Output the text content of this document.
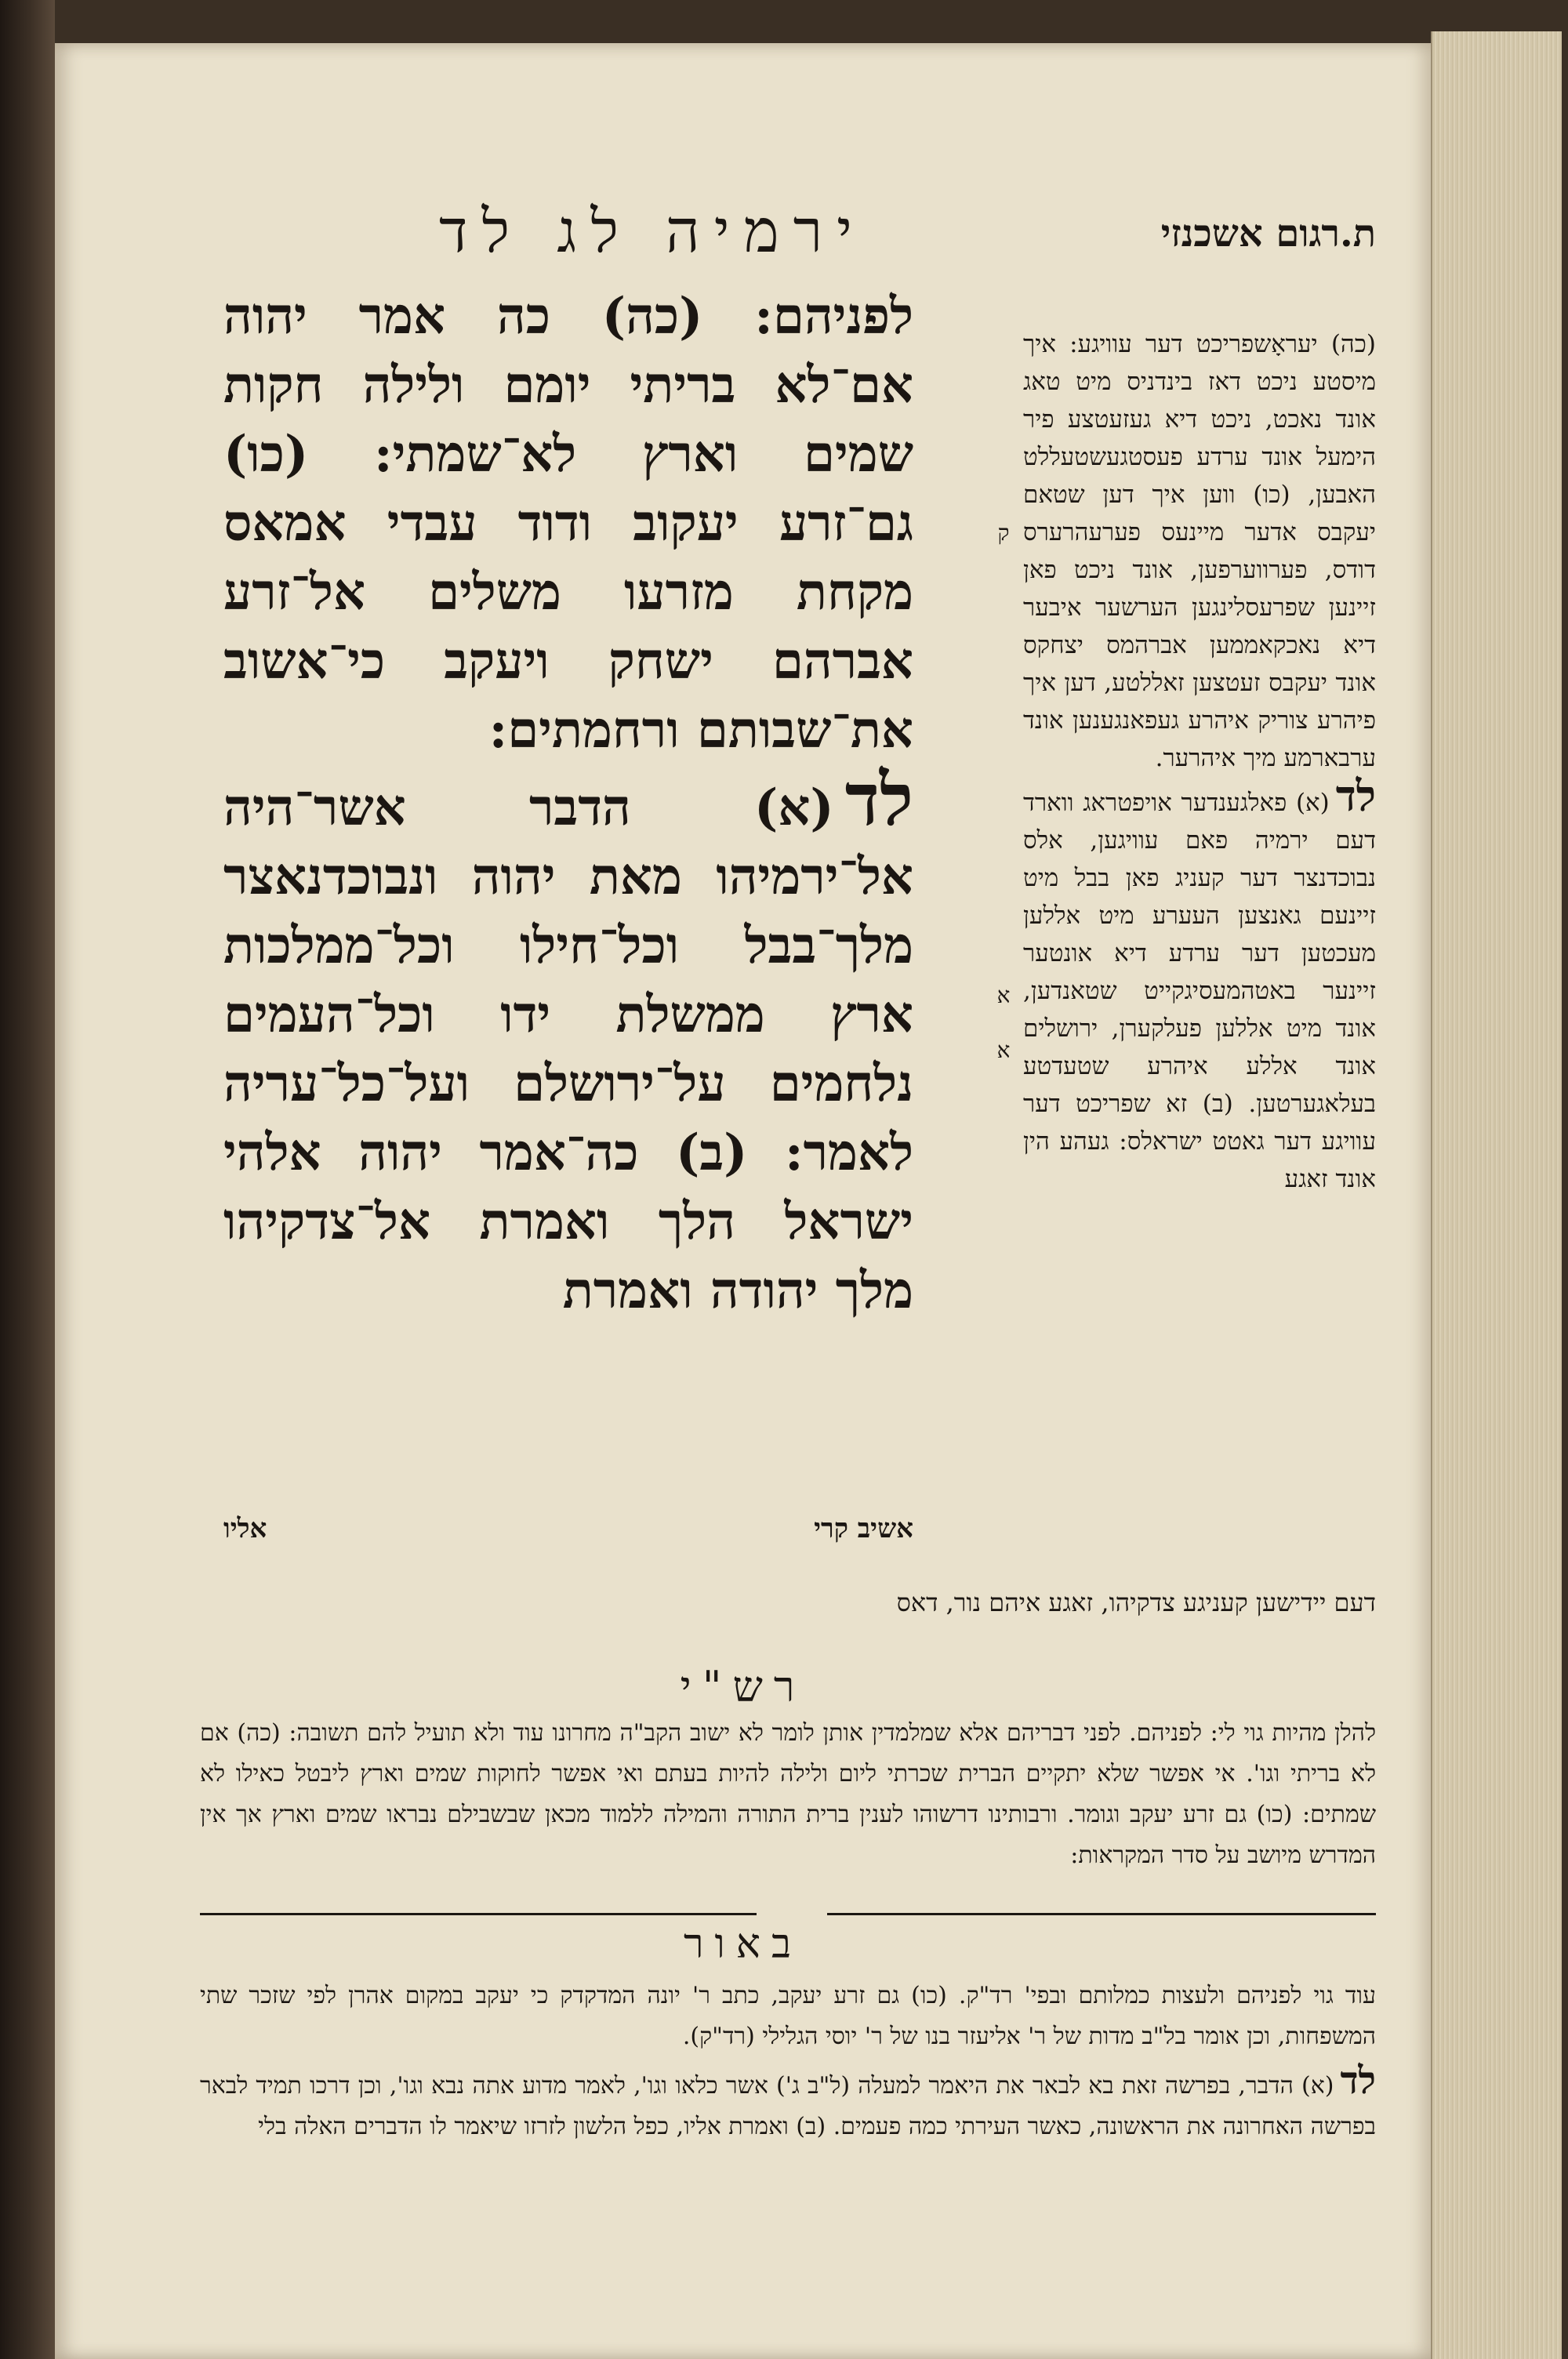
ירמיה לג לד	ת.רגום אשכנזי

לפניהם: (כה) כה אמר יהוה אם־לא בריתי יומם ולילה חקות שמים וארץ לא־שמתי: (כו) גם־זרע יעקוב ודוד עבדי אמאס מקחת מזרעו משלים אל־זרע אברהם ישחק ויעקב כי־אשוב את־שבותם ורחמתים:

לד(א) הדבר אשר־היה אל־ירמיהו מאת יהוה ונבוכדנאצר מלך־בבל וכל־חילו וכל־ממלכות ארץ ממשלת ידו וכל־העמים נלחמים על־ירושלם ועל־כל־עריה לאמר: (ב) כה־אמר יהוה אלהי ישראל הלך ואמרת אל־צדקיהו מלך יהודה ואמרת

ק
א
א

(כה) יעראָשפריכט דער עוויגע: איך מיסטע ניכט דאז בינדניס מיט טאג אונד נאכט, ניכט דיא געזעטצע פיר הימעל אונד ערדע פעסטגעשטעללט האבען, (כו) ווען איך דען שטאם יעקבס אדער מיינעס פערעהרערס דודס, פערווערפען, אונד ניכט פאן זיינען שפרעסלינגען הערשער איבער דיא נאכקאממען אברהמס יצחקס אונד יעקבס זעטצען זאללטע, דען איך פיהרע צוריק איהרע געפאנגענען אונד ערבארמע מיך איהרער.

לד(א) פאלגענדער אויפטראג ווארד דעם ירמיה פאם עוויגען, אלס נבוכדנצר דער קעניג פאן בבל מיט זיינעם גאנצען העערע מיט אללען מעכטען דער ערדע דיא אונטער זיינער באטהמעסיגקייט שטאנדען, אונד מיט אללען פעלקערן, ירושלים אונד אללע איהרע שטעדטע בעלאגערטען. (ב) זא שפריכט דער עוויגע דער גאטט ישראלס: געהע הין אונד זאגע

אשיב קרי
אליו
דעם יידישען קעניגע צדקיהו, זאגע איהם נור, דאס
רש"י
להלן מהיות גוי לי: לפניהם. לפני דבריהם אלא שמלמדין אותן לומר לא ישוב הקב"ה מחרונו עוד ולא תועיל להם תשובה: (כה) אם לא בריתי וגו'. אי אפשר שלא יתקיים הברית שכרתי ליום ולילה להיות בעתם ואי אפשר לחוקות שמים וארץ ליבטל כאילו לא שמתים: (כו) גם זרע יעקב וגומר. ורבותינו דרשוהו לענין ברית התורה והמילה ללמוד מכאן שבשבילם נבראו שמים וארץ אך אין המדרש מיושב על סדר המקראות:
באור

עוד גוי לפניהם ולעצות כמלותם ובפי' רד"ק. (כו) גם זרע יעקב, כתב ר' יונה המדקדק כי יעקב במקום אהרן לפי שזכר שתי המשפחות, וכן אומר בל"ב מדות של ר' אליעזר בנו של ר' יוסי הגלילי (רד"ק).

לד(א) הדבר, בפרשה זאת בא לבאר את היאמר למעלה (ל"ב ג') אשר כלאו וגו', לאמר מדוע אתה נבא וגו', וכן דרכו תמיד לבאר בפרשה האחרונה את הראשונה, כאשר העירתי כמה פעמים. (ב) ואמרת אליו, כפל הלשון לזרזו שיאמר לו הדברים האלה בלי
